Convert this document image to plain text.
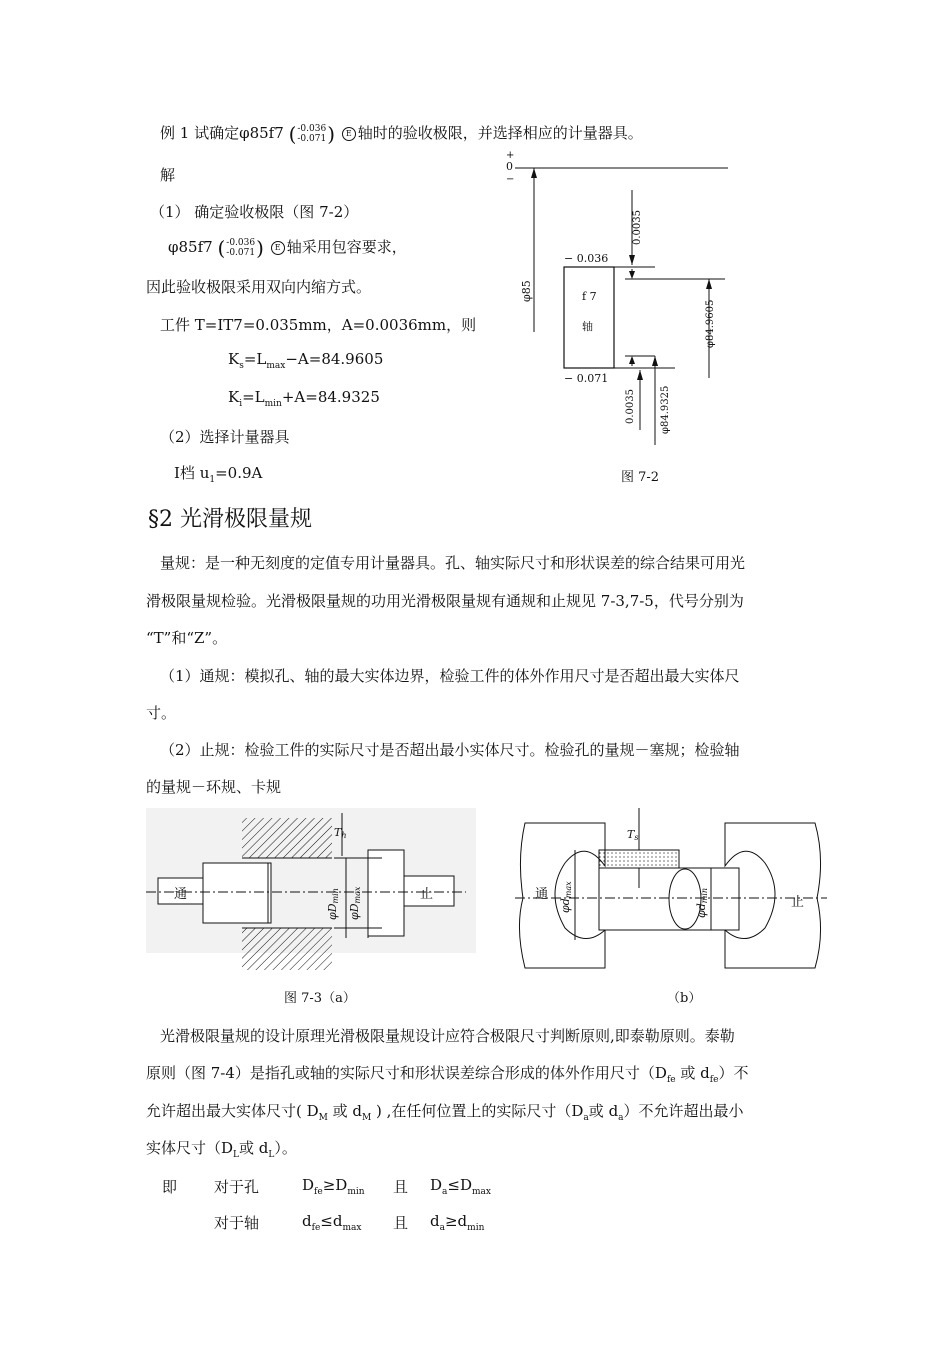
例 1 试确定φ85f7 ( -0.036
-0.071 ) E 轴时的验收极限，并选择相应的计量器具。
解
（1） 确定验收极限（图 7-2）
φ85f7 ( -0.036
-0.071 ) E 轴采用包容要求，
因此验收极限采用双向内缩方式。
工件 T=IT7=0.035mm，A=0.0036mm，则
$K_s=L_{max}-A=84.9605$
$K_i=L_{min}+A=84.9325$
（2）选择计量器具
Ⅰ档 $u_1=0.9A$
+
0
−
φ85
0.0035
f 7
轴
− 0.036
− 0.071
φ84.9605
0.0035 φ84.9325
图 7-2
§2 光滑极限量规
量规：是一种无刻度的定值专用计量器具。孔、轴实际尺寸和形状误差的综合结果可用光
滑极限量规检验。光滑极限量规的功用光滑极限量规有通规和止规见 7-3,7-5，代号分别为
“T”和“Z”。
（1）通规：模拟孔、轴的最大实体边界，检验工件的体外作用尺寸是否超出最大实体尺
寸。
（2）止规：检验工件的实际尺寸是否超出最小实体尺寸。检验孔的量规－塞规；检验轴
的量规－环规、卡规
通	止
Th
φDmin
φDmax	通
止
Ts
φdmax
φdmin
图 7-3（a）	（b）
光滑极限量规的设计原理光滑极限量规设计应符合极限尺寸判断原则,即泰勒原则。泰勒
原则（图 7-4）是指孔或轴的实际尺寸和形状误差综合形成的体外作用尺寸（$D_{fe}$ 或 $d_{fe}$）不
允许超出最大实体尺寸( $D_M$ 或 $d_M$ ) ,在任何位置上的实际尺寸（$D_a$或 $d_a$）不允许超出最小
实体尺寸（$D_L$或 $d_L$）。
即 对于孔	$D_{fe}\ge D_{min}$ 且 $D_a\le D_{max}$
对于轴	$d_{fe}\le d_{max}$ 且 $d_a\ge d_{min}$
